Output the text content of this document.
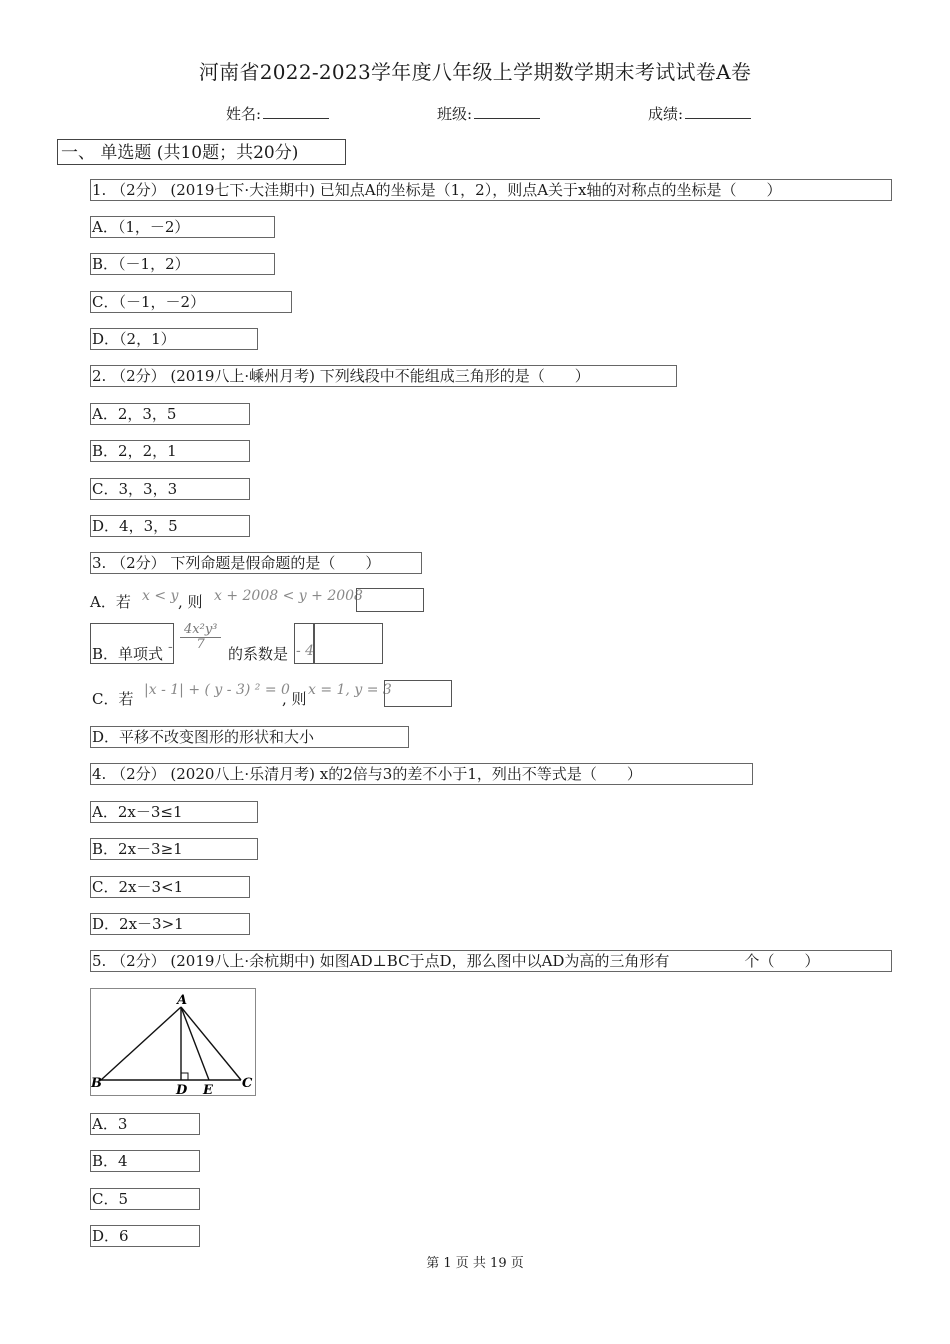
河南省2022-2023学年度八年级上学期数学期末考试试卷A卷
姓名:	班级:	成绩:
一、 单选题 (共10题；共20分)
1. （2分） (2019七下·大洼期中) 已知点A的坐标是（1，2），则点A关于x轴的对称点的坐标是（　　）
A．（1，－2）
B．（－1，2）
C．（－1，－2）
D．（2，1）
2. （2分） (2019八上·嵊州月考) 下列线段中不能组成三角形的是（　　）
A．2，3，5
B．2，2，1
C．3，3，3
D．4，3，5
3. （2分） 下列命题是假命题的是（　　）
A．若 x < y , 则 x + 2008 < y + 2008
B．单项式 - $\frac{\text{4x²y³}}{7}$
的系数是 - 4
C．若 |x - 1| + ( y - 3) ² = 0
, 则 x = 1, y = 3
D．平移不改变图形的形状和大小
4. （2分） (2020八上·乐清月考) x的2倍与3的差不小于1，列出不等式是（　　）
A．2x－3≤1
B．2x－3≥1
C．2x－3<1
D．2x－3>1
5. （2分） (2019八上·余杭期中) 如图AD⊥BC于点D，那么图中以AD为高的三角形有　　　　　个（　　）
A
B	D E C
A．3
B．4
C．5
D．6
第 1 页 共 19 页
